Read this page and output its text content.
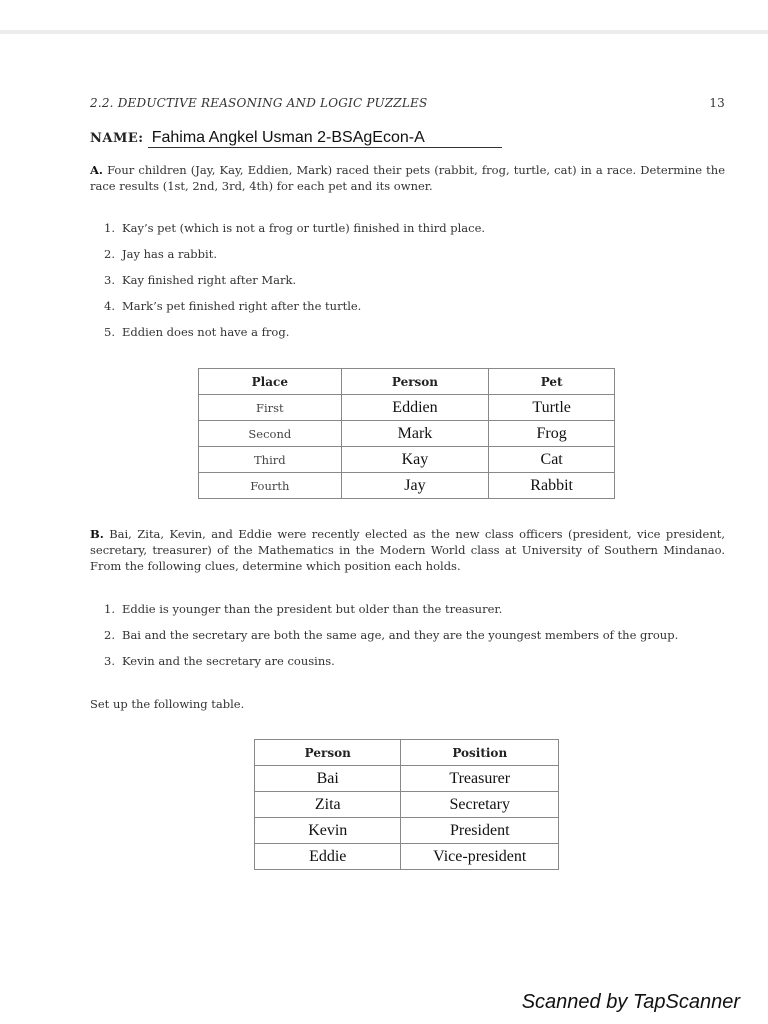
2.2. DEDUCTIVE REASONING AND LOGIC PUZZLES	13
NAME: Fahima Angkel Usman 2-BSAgEcon-A
A. Four children (Jay, Kay, Eddien, Mark) raced their pets (rabbit, frog, turtle, cat) in a race. Determine the race results (1st, 2nd, 3rd, 4th) for each pet and its owner.
1. Kay’s pet (which is not a frog or turtle) finished in third place.
2. Jay has a rabbit.
3. Kay finished right after Mark.
4. Mark’s pet finished right after the turtle.
5. Eddien does not have a frog.
Place	Person	Pet
First	Eddien	Turtle
Second	Mark	Frog
Third	Kay	Cat
Fourth	Jay	Rabbit
B. Bai, Zita, Kevin, and Eddie were recently elected as the new class officers (president, vice president, secretary, treasurer) of the Mathematics in the Modern World class at University of Southern Mindanao. From the following clues, determine which position each holds.
1. Eddie is younger than the president but older than the treasurer.
2. Bai and the secretary are both the same age, and they are the youngest members of the group.
3. Kevin and the secretary are cousins.
Set up the following table.
Person	Position
Bai	Treasurer
Zita	Secretary
Kevin	President
Eddie	Vice-president
Scanned by TapScanner
